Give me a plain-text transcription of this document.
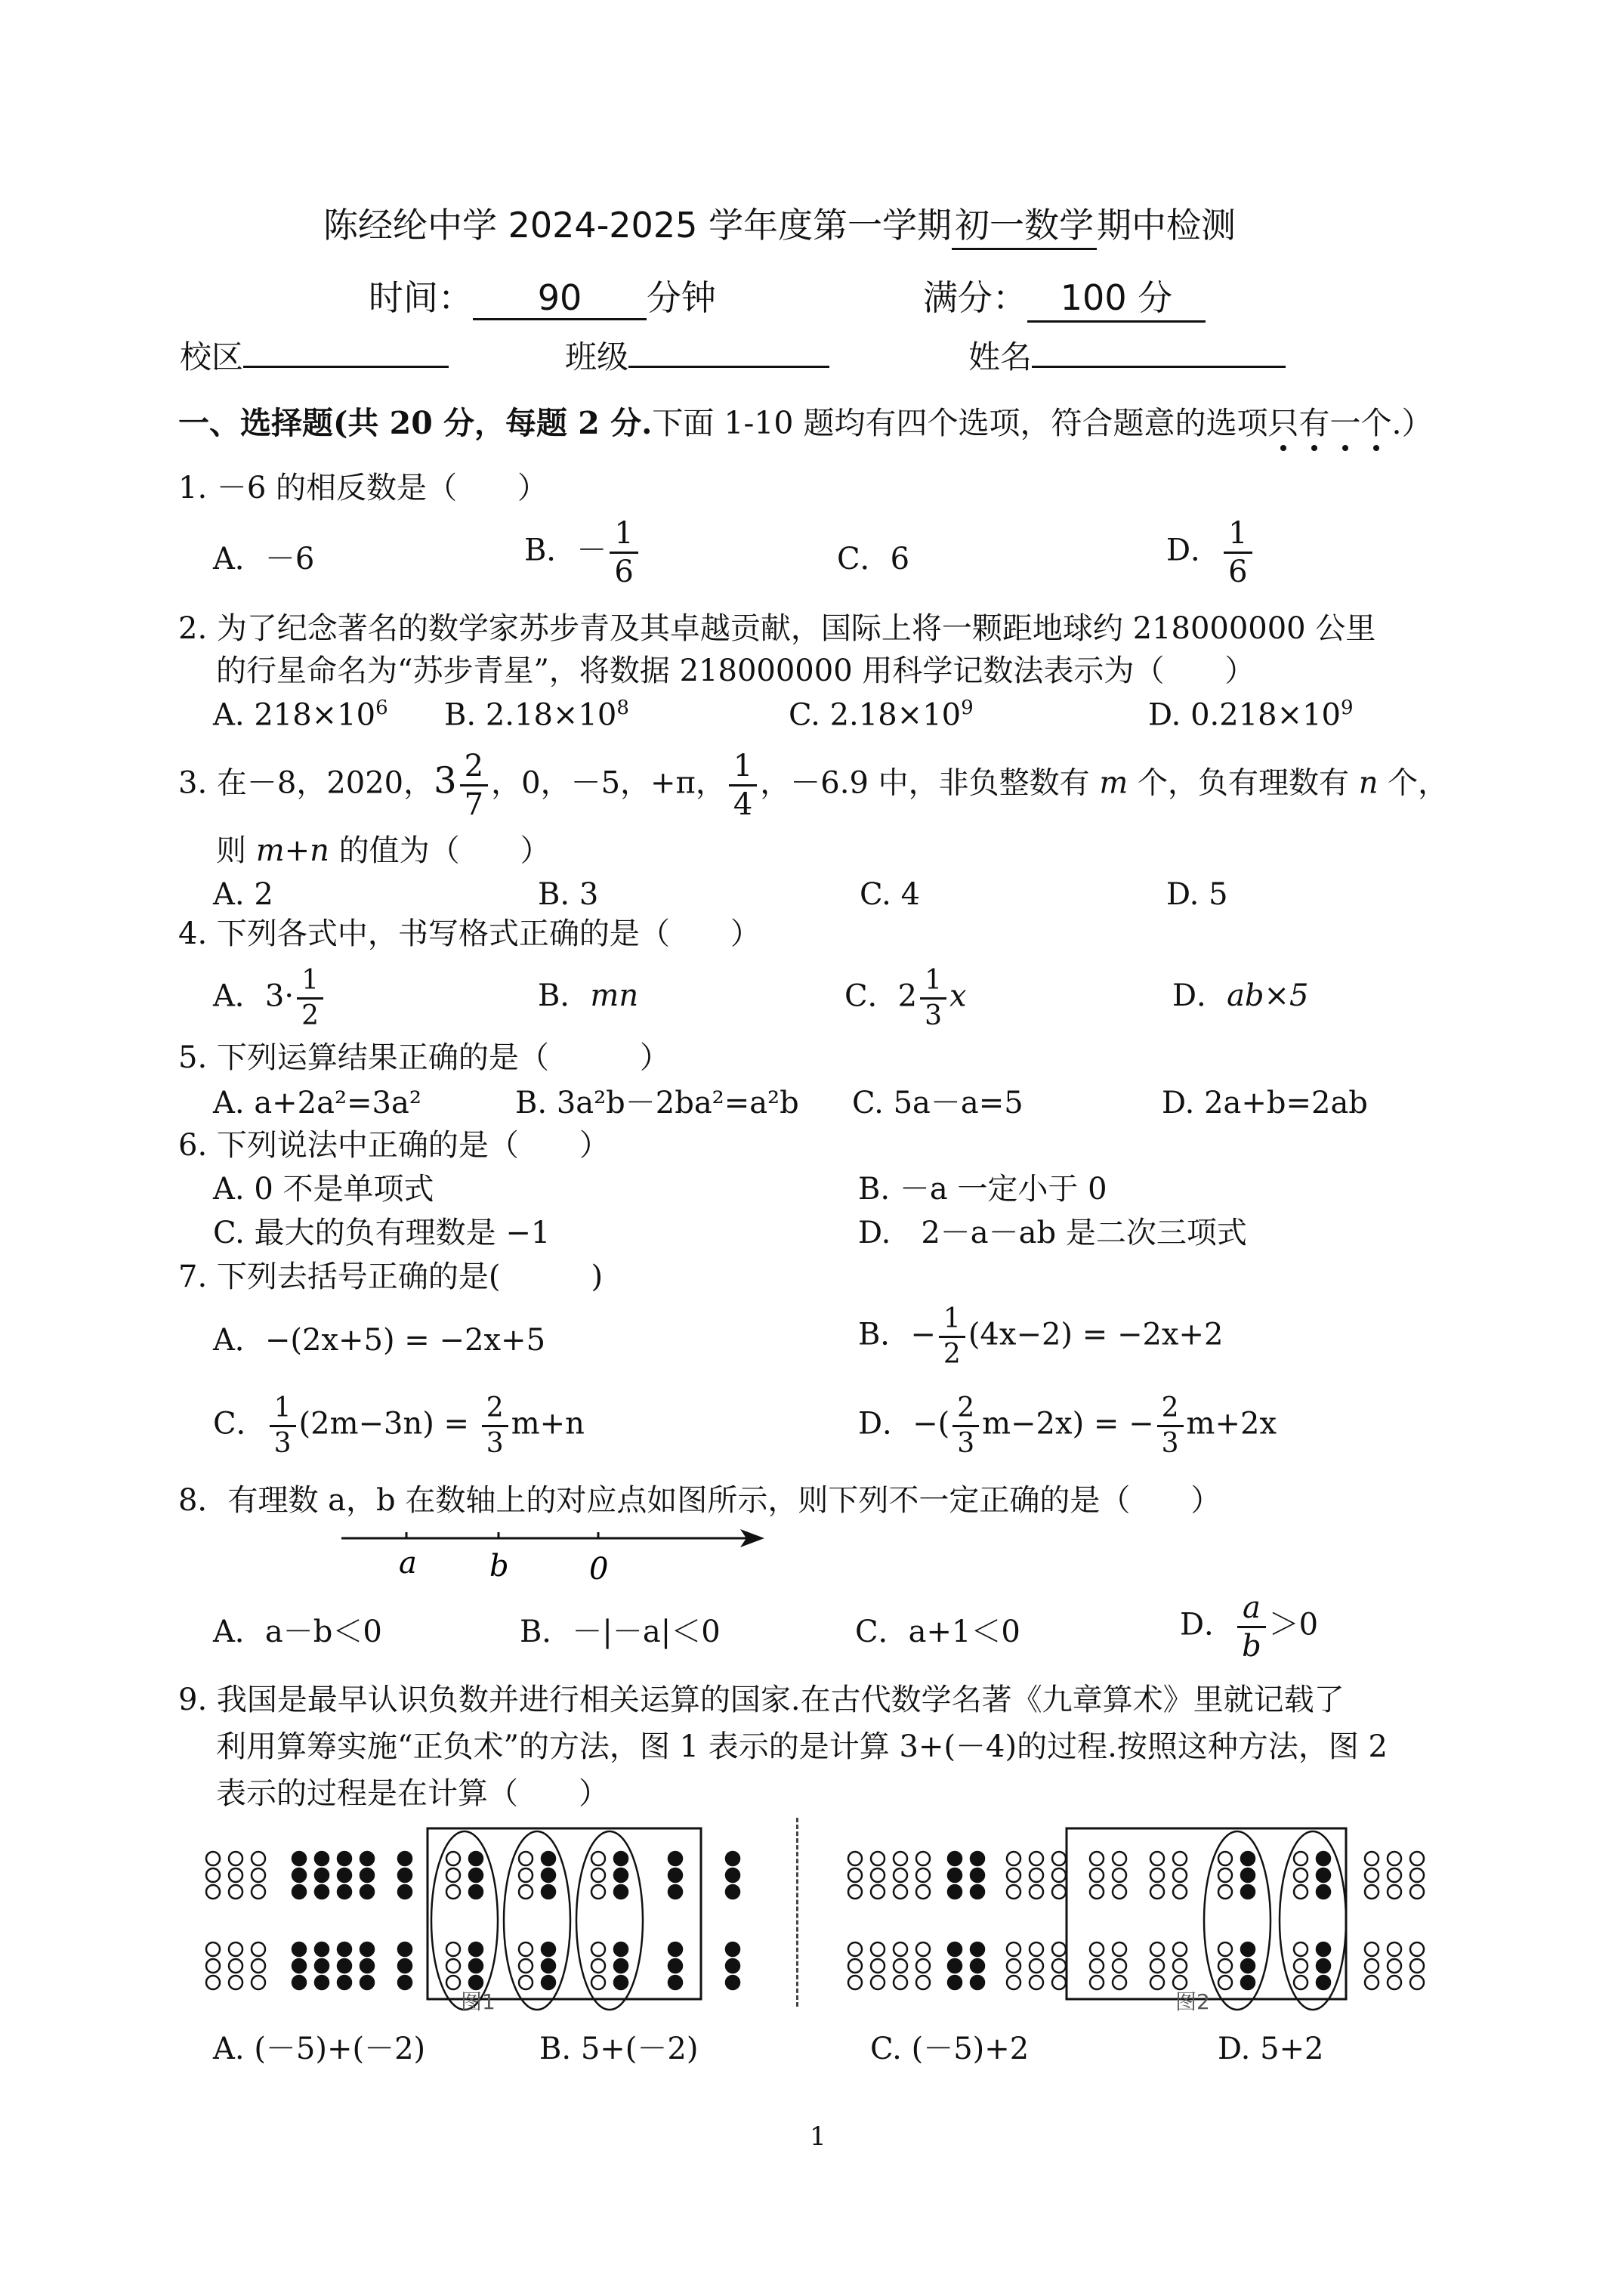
陈经纶中学 2024-2025 学年度第一学期初一数学期中检测
时间： 90 分钟	满分： 100 分
校区	班级	姓名
一、选择题(共 20 分，每题 2 分.下面 1-10 题均有四个选项，符合题意的选项只有一个.）
1. －6 的相反数是（　　）
A．－6	B．－ $\frac{1}{6}$	C．6	D． $\frac{1}{6}$
2. 为了纪念著名的数学家苏步青及其卓越贡献，国际上将一颗距地球约 218000000 公里
的行星命名为“苏步青星”，将数据 218000000 用科学记数法表示为（　　）
A. $218\times 10^6$ B. $2.18\times 10^8$	C. $2.18\times 10^9$	D. $0.218\times 10^9$
3. 在－8，2020，$3 \frac{2}{7}$ ，0，－5，+π， $\frac{1}{4}$ ，－6.9 中，非负整数有 m 个，负有理数有 n 个，
则 m+n 的值为（　　）
A. 2	B. 3	C. 4	D. 5
4. 下列各式中，书写格式正确的是（　　）
A．$3\cdot \frac{1}{2}$	B．mn	C．$2 \frac{1}{3}$ x	D．ab×5
5. 下列运算结果正确的是（　　　）
A. a+2a²=3a²	B. 3a²b－2ba²=a²b C. 5a－a=5	D. 2a+b=2ab
6. 下列说法中正确的是（　　）
A. 0 不是单项式	B. －a 一定小于 0
C. 最大的负有理数是 −1	D.　2－a－ab 是二次三项式
7. 下列去括号正确的是(　　　)
A．−(2x+5) = −2x+5	B．− $\frac{1}{2} (4x-2) = -2x+2$
C． $\frac{1}{3} (2m-3n) = \frac{2}{3} m+n$	D．−( $\frac{2}{3} m-2x$) = − $\frac{2}{3} m+2x$
8．有理数 a，b 在数轴上的对应点如图所示，则下列不一定正确的是（　　）
a b	0
A．a－b＜0	B．－|－a|＜0	C．a+1＜0	D． $\frac{a}{b} >0$
9. 我国是最早认识负数并进行相关运算的国家.在古代数学名著《九章算术》里就记载了
利用算筹实施“正负术”的方法，图 1 表示的是计算 3+(－4)的过程.按照这种方法，图 2
表示的过程是在计算（　　）
图1	图2
A. (－5)+(－2)	B. 5+(－2)	C. (－5)+2	D. 5+2
1
